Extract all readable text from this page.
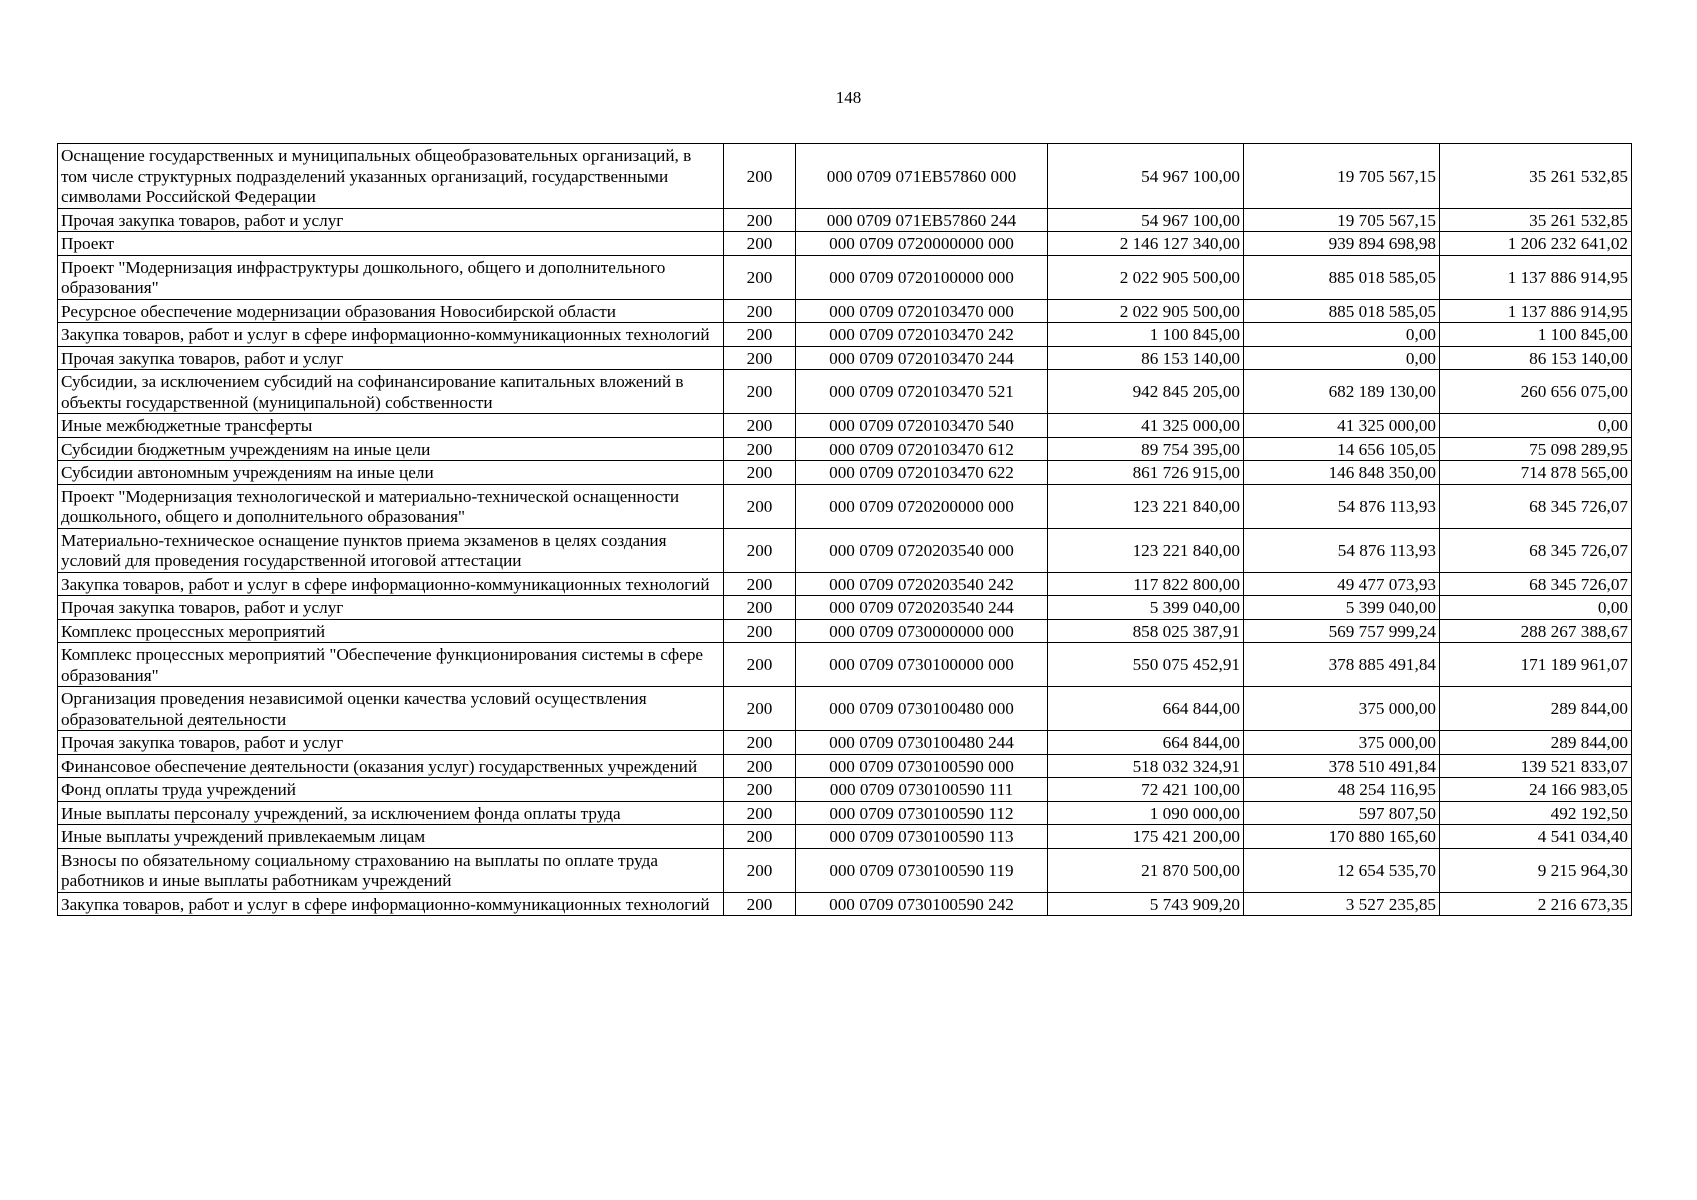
148
Оснащение государственных и муниципальных общеобразовательных организаций, в том числе структурных подразделений указанных организаций, государственными символами Российской Федерации	200	000 0709 071EВ57860 000	54 967 100,00	19 705 567,15	35 261 532,85
Прочая закупка товаров, работ и услуг	200	000 0709 071EВ57860 244	54 967 100,00	19 705 567,15	35 261 532,85
Проект	200	000 0709 0720000000 000	2 146 127 340,00	939 894 698,98	1 206 232 641,02
Проект "Модернизация инфраструктуры дошкольного, общего и дополнительного образования"	200	000 0709 0720100000 000	2 022 905 500,00	885 018 585,05	1 137 886 914,95
Ресурсное обеспечение модернизации образования Новосибирской области	200	000 0709 0720103470 000	2 022 905 500,00	885 018 585,05	1 137 886 914,95
Закупка товаров, работ и услуг в сфере информационно-коммуникационных технологий	200	000 0709 0720103470 242	1 100 845,00	0,00	1 100 845,00
Прочая закупка товаров, работ и услуг	200	000 0709 0720103470 244	86 153 140,00	0,00	86 153 140,00
Субсидии, за исключением субсидий на софинансирование капитальных вложений в объекты государственной (муниципальной) собственности	200	000 0709 0720103470 521	942 845 205,00	682 189 130,00	260 656 075,00
Иные межбюджетные трансферты	200	000 0709 0720103470 540	41 325 000,00	41 325 000,00	0,00
Субсидии бюджетным учреждениям на иные цели	200	000 0709 0720103470 612	89 754 395,00	14 656 105,05	75 098 289,95
Субсидии автономным учреждениям на иные цели	200	000 0709 0720103470 622	861 726 915,00	146 848 350,00	714 878 565,00
Проект "Модернизация технологической и материально-технической оснащенности дошкольного, общего и дополнительного образования"	200	000 0709 0720200000 000	123 221 840,00	54 876 113,93	68 345 726,07
Материально-техническое оснащение пунктов приема экзаменов в целях создания условий для проведения государственной итоговой аттестации	200	000 0709 0720203540 000	123 221 840,00	54 876 113,93	68 345 726,07
Закупка товаров, работ и услуг в сфере информационно-коммуникационных технологий	200	000 0709 0720203540 242	117 822 800,00	49 477 073,93	68 345 726,07
Прочая закупка товаров, работ и услуг	200	000 0709 0720203540 244	5 399 040,00	5 399 040,00	0,00
Комплекс процессных мероприятий	200	000 0709 0730000000 000	858 025 387,91	569 757 999,24	288 267 388,67
Комплекс процессных мероприятий "Обеспечение функционирования системы в сфере образования"	200	000 0709 0730100000 000	550 075 452,91	378 885 491,84	171 189 961,07
Организация проведения независимой оценки качества условий осуществления образовательной деятельности	200	000 0709 0730100480 000	664 844,00	375 000,00	289 844,00
Прочая закупка товаров, работ и услуг	200	000 0709 0730100480 244	664 844,00	375 000,00	289 844,00
Финансовое обеспечение деятельности (оказания услуг) государственных учреждений	200	000 0709 0730100590 000	518 032 324,91	378 510 491,84	139 521 833,07
Фонд оплаты труда учреждений	200	000 0709 0730100590 111	72 421 100,00	48 254 116,95	24 166 983,05
Иные выплаты персоналу учреждений, за исключением фонда оплаты труда	200	000 0709 0730100590 112	1 090 000,00	597 807,50	492 192,50
Иные выплаты учреждений привлекаемым лицам	200	000 0709 0730100590 113	175 421 200,00	170 880 165,60	4 541 034,40
Взносы по обязательному социальному страхованию на выплаты по оплате труда работников и иные выплаты работникам учреждений	200	000 0709 0730100590 119	21 870 500,00	12 654 535,70	9 215 964,30
Закупка товаров, работ и услуг в сфере информационно-коммуникационных технологий	200	000 0709 0730100590 242	5 743 909,20	3 527 235,85	2 216 673,35
